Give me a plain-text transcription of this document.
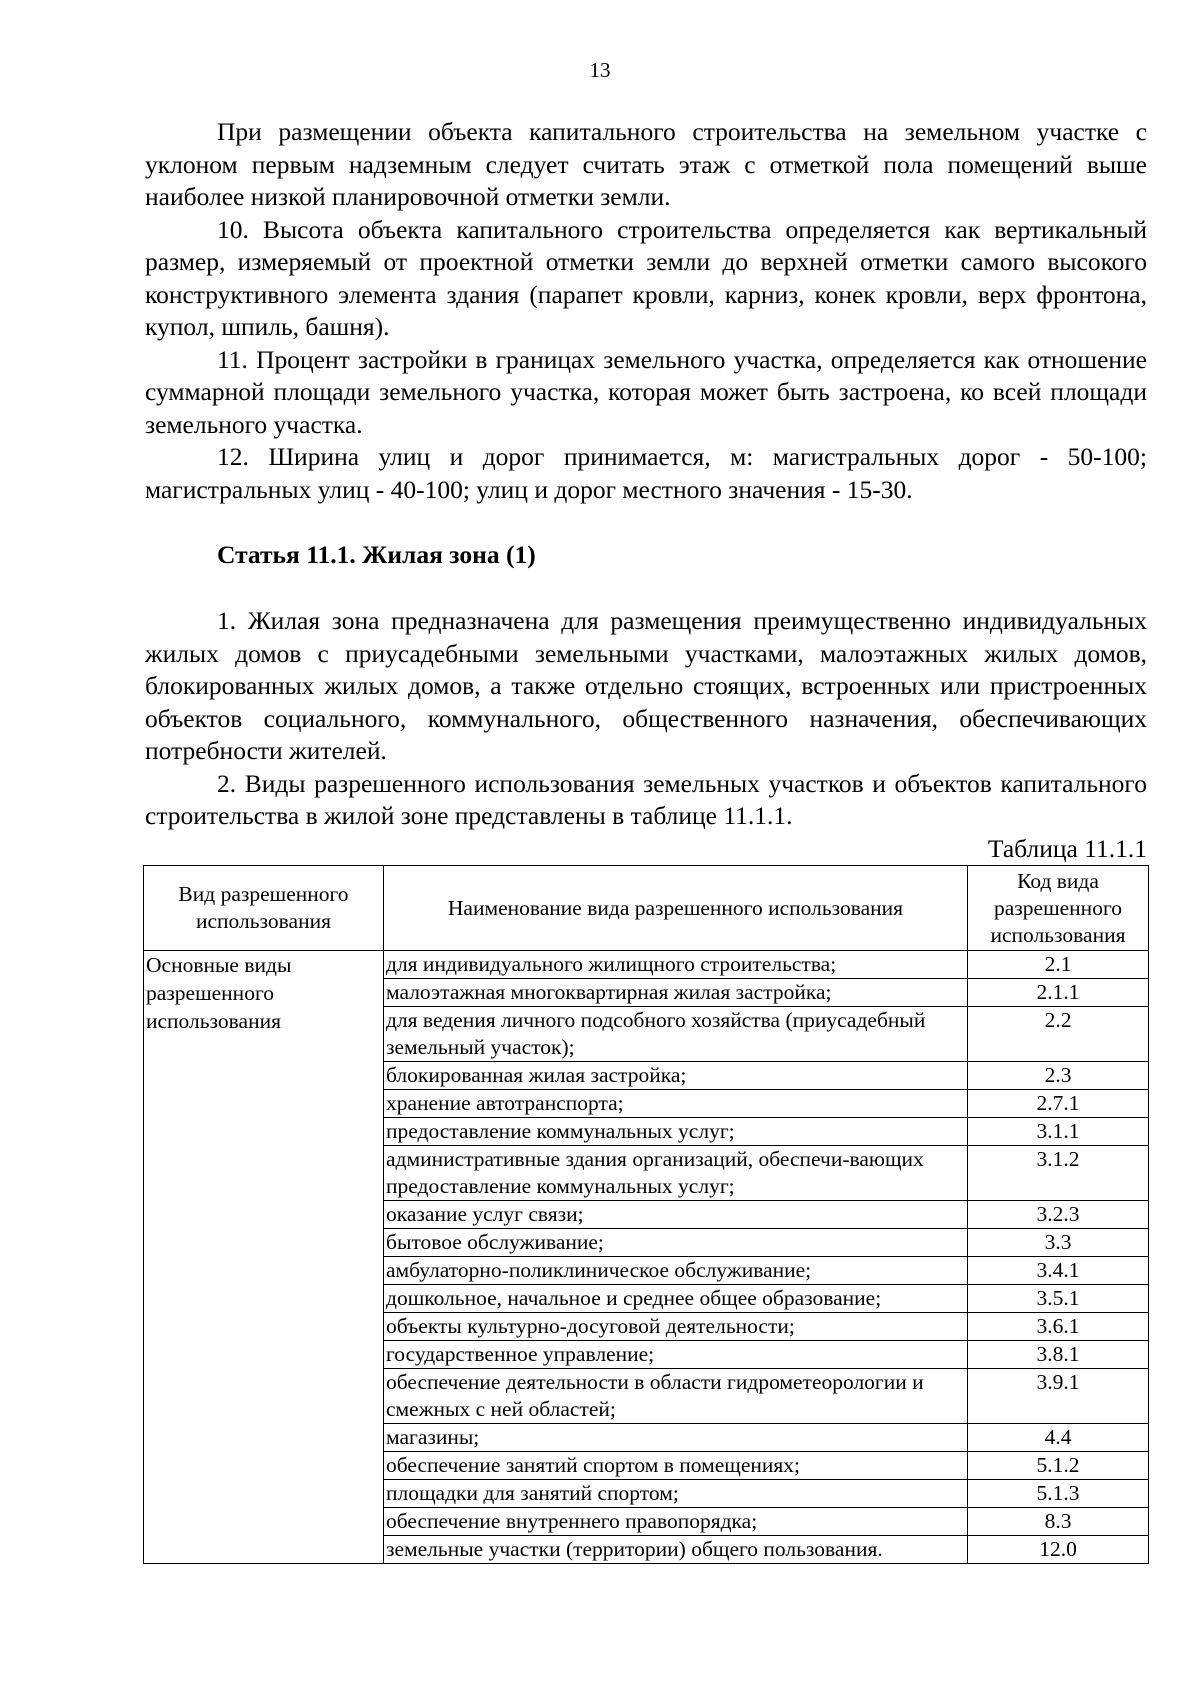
13

При размещении объекта капитального строительства на земельном участке с уклоном первым надземным следует считать этаж с отметкой пола помещений выше наиболее низкой планировочной отметки земли.

10. Высота объекта капитального строительства определяется как вертикальный размер, измеряемый от проектной отметки земли до верхней отметки самого высокого конструктивного элемента здания (парапет кровли, карниз, конек кровли, верх фронтона, купол, шпиль, башня).

11. Процент застройки в границах земельного участка, определяется как отношение суммарной площади земельного участка, которая может быть застроена, ко всей площади земельного участка.

12. Ширина улиц и дорог принимается, м: магистральных дорог - 50-100; магистральных улиц - 40-100; улиц и дорог местного значения - 15-30.

Статья 11.1. Жилая зона (1)

1. Жилая зона предназначена для размещения преимущественно индивидуальных жилых домов с приусадебными земельными участками, малоэтажных жилых домов, блокированных жилых домов, а также отдельно стоящих, встроенных или пристроенных объектов социального, коммунального, общественного назначения, обеспечивающих потребности жителей.

2. Виды разрешенного использования земельных участков и объектов капитального строительства в жилой зоне представлены в таблице 11.1.1.

Таблица 11.1.1
Вид разрешенного использования	Наименование вида разрешенного использования	Код вида разрешенного использования
Основные виды разрешенного использования	для индивидуального жилищного строительства;	2.1
	малоэтажная многоквартирная жилая застройка;	2.1.1
	для ведения личного подсобного хозяйства (приусадебный земельный участок);	2.2
	блокированная жилая застройка;	2.3
	хранение автотранспорта;	2.7.1
	предоставление коммунальных услуг;	3.1.1
	административные здания организаций, обеспечи-вающих предоставление коммунальных услуг;	3.1.2
	оказание услуг связи;	3.2.3
	бытовое обслуживание;	3.3
	амбулаторно-поликлиническое обслуживание;	3.4.1
	дошкольное, начальное и среднее общее образование;	3.5.1
	объекты культурно-досуговой деятельности;	3.6.1
	государственное управление;	3.8.1
	обеспечение деятельности в области гидрометеорологии и смежных с ней областей;	3.9.1
	магазины;	4.4
	обеспечение занятий спортом в помещениях;	5.1.2
	площадки для занятий спортом;	5.1.3
	обеспечение внутреннего правопорядка;	8.3
	земельные участки (территории) общего пользования.	12.0
